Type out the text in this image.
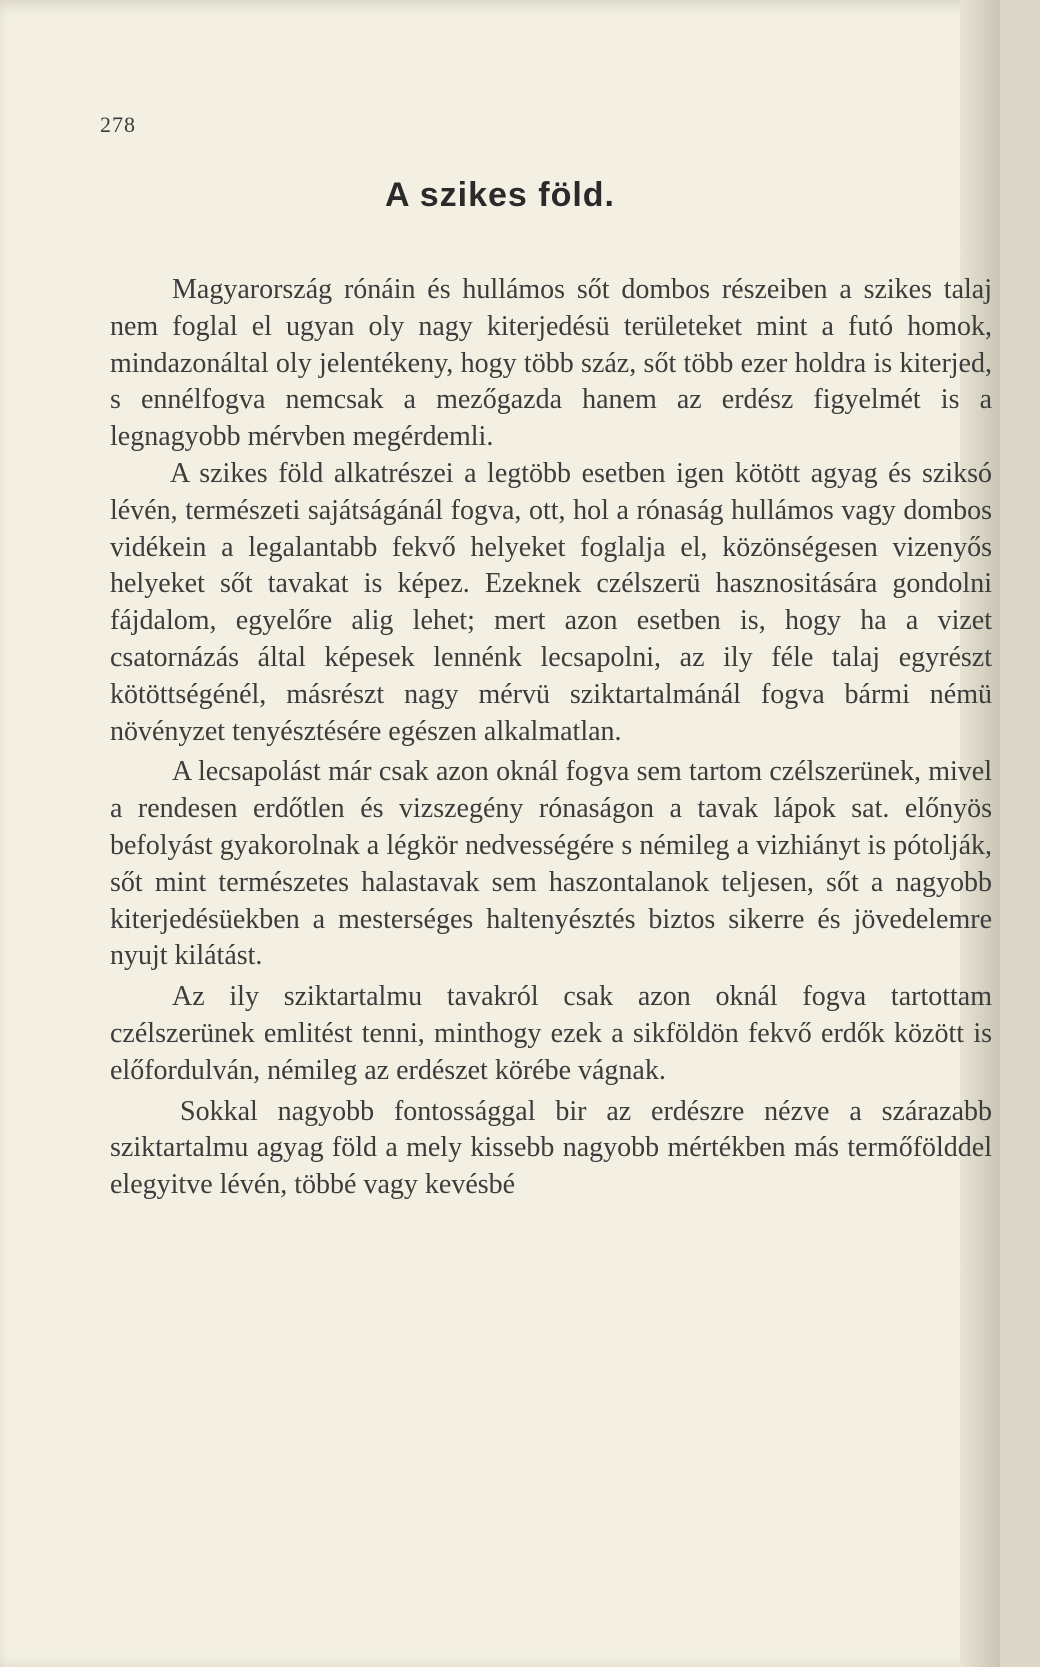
278
A szikes föld.

Magyarország rónáin és hullámos sőt dombos részeiben a szikes talaj nem foglal el ugyan oly nagy kiterjedésü területeket mint a futó homok, mindazonáltal oly jelentékeny, hogy több száz, sőt több ezer holdra is kiterjed, s ennélfogva nemcsak a mezőgazda hanem az erdész figyelmét is a legnagyobb mérvben megérdemli.

A szikes föld alkatrészei a legtöbb esetben igen kötött agyag és sziksó lévén, természeti sajátságánál fogva, ott, hol a rónaság hullámos vagy dombos vidékein a legalantabb fekvő helyeket foglalja el, közönségesen vizenyős helyeket sőt tavakat is képez. Ezeknek czélszerü hasznositására gondolni fájdalom, egyelőre alig lehet; mert azon esetben is, hogy ha a vizet csatornázás által képesek lennénk lecsapolni, az ily féle talaj egyrészt kötöttségénél, másrészt nagy mérvü sziktartalmánál fogva bármi némü növényzet tenyésztésére egészen alkalmatlan.

A lecsapolást már csak azon oknál fogva sem tartom czélszerünek, mivel a rendesen erdőtlen és vizszegény rónaságon a tavak lápok sat. előnyös befolyást gyakorolnak a légkör nedvességére s némileg a vizhiányt is pótolják, sőt mint természetes halastavak sem haszontalanok teljesen, sőt a nagyobb kiterjedésüekben a mesterséges haltenyésztés biztos sikerre és jövedelemre nyujt kilátást.

Az ily sziktartalmu tavakról csak azon oknál fogva tartottam czélszerünek emlitést tenni, minthogy ezek a sikföldön fekvő erdők között is előfordulván, némileg az erdészet körébe vágnak.

Sokkal nagyobb fontossággal bir az erdészre nézve a szárazabb sziktartalmu agyag föld a mely kissebb nagyobb mértékben más termőfölddel elegyitve lévén, többé vagy kevésbé
